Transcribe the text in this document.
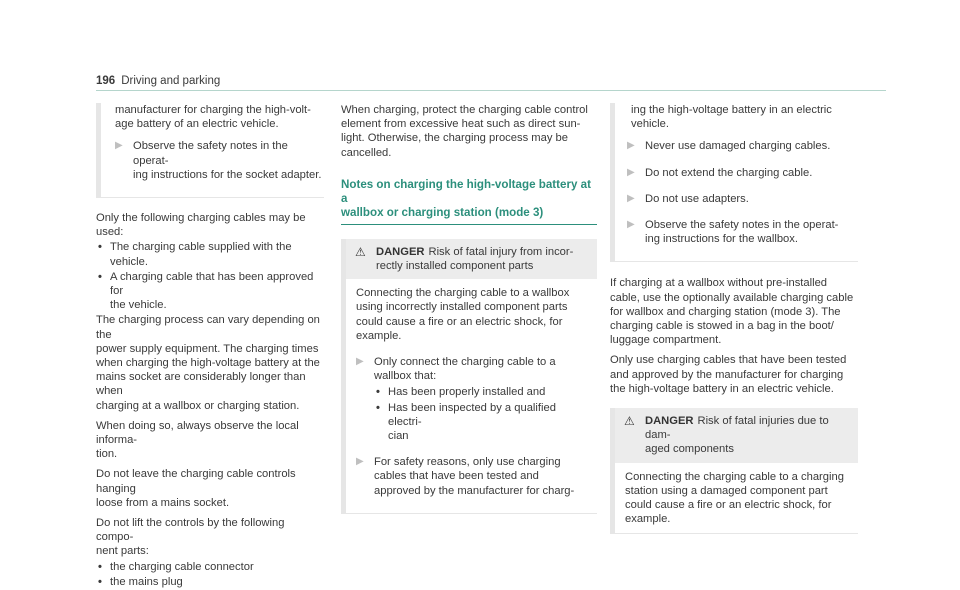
196 Driving and parking

manufacturer for charging the high-volt-
age battery of an electric vehicle.

▶ Observe the safety notes in the operat-
ing instructions for the socket adapter.

Only the following charging cables may be used:

• The charging cable supplied with the vehicle.
• A charging cable that has been approved for
the vehicle.

The charging process can vary depending on the
power supply equipment. The charging times
when charging the high-voltage battery at the
mains socket are considerably longer than when
charging at a wallbox or charging station.

When doing so, always observe the local informa-
tion.

Do not leave the charging cable controls hanging
loose from a mains socket.

Do not lift the controls by the following compo-
nent parts:

• the charging cable connector
• the mains plug

When charging, protect the charging cable control
element from excessive heat such as direct sun-
light. Otherwise, the charging process may be
cancelled.

Notes on charging the high-voltage battery at a
wallbox or charging station (mode 3)
⚠ DANGER Risk of fatal injury from incor-
rectly installed component parts

Connecting the charging cable to a wallbox
using incorrectly installed component parts
could cause a fire or an electric shock, for
example.

▶ Only connect the charging cable to a
wallbox that:
• Has been properly installed and
• Has been inspected by a qualified electri-
cian
▶ For safety reasons, only use charging
cables that have been tested and
approved by the manufacturer for charg-

ing the high-voltage battery in an electric
vehicle.

▶ Never use damaged charging cables.
▶ Do not extend the charging cable.
▶ Do not use adapters.
▶ Observe the safety notes in the operat-
ing instructions for the wallbox.

If charging at a wallbox without pre-installed
cable, use the optionally available charging cable
for wallbox and charging station (mode 3). The
charging cable is stowed in a bag in the boot/
luggage compartment.

Only use charging cables that have been tested
and approved by the manufacturer for charging
the high-voltage battery in an electric vehicle.

⚠ DANGER Risk of fatal injuries due to dam-
aged components

Connecting the charging cable to a charging
station using a damaged component part
could cause a fire or an electric shock, for
example.
